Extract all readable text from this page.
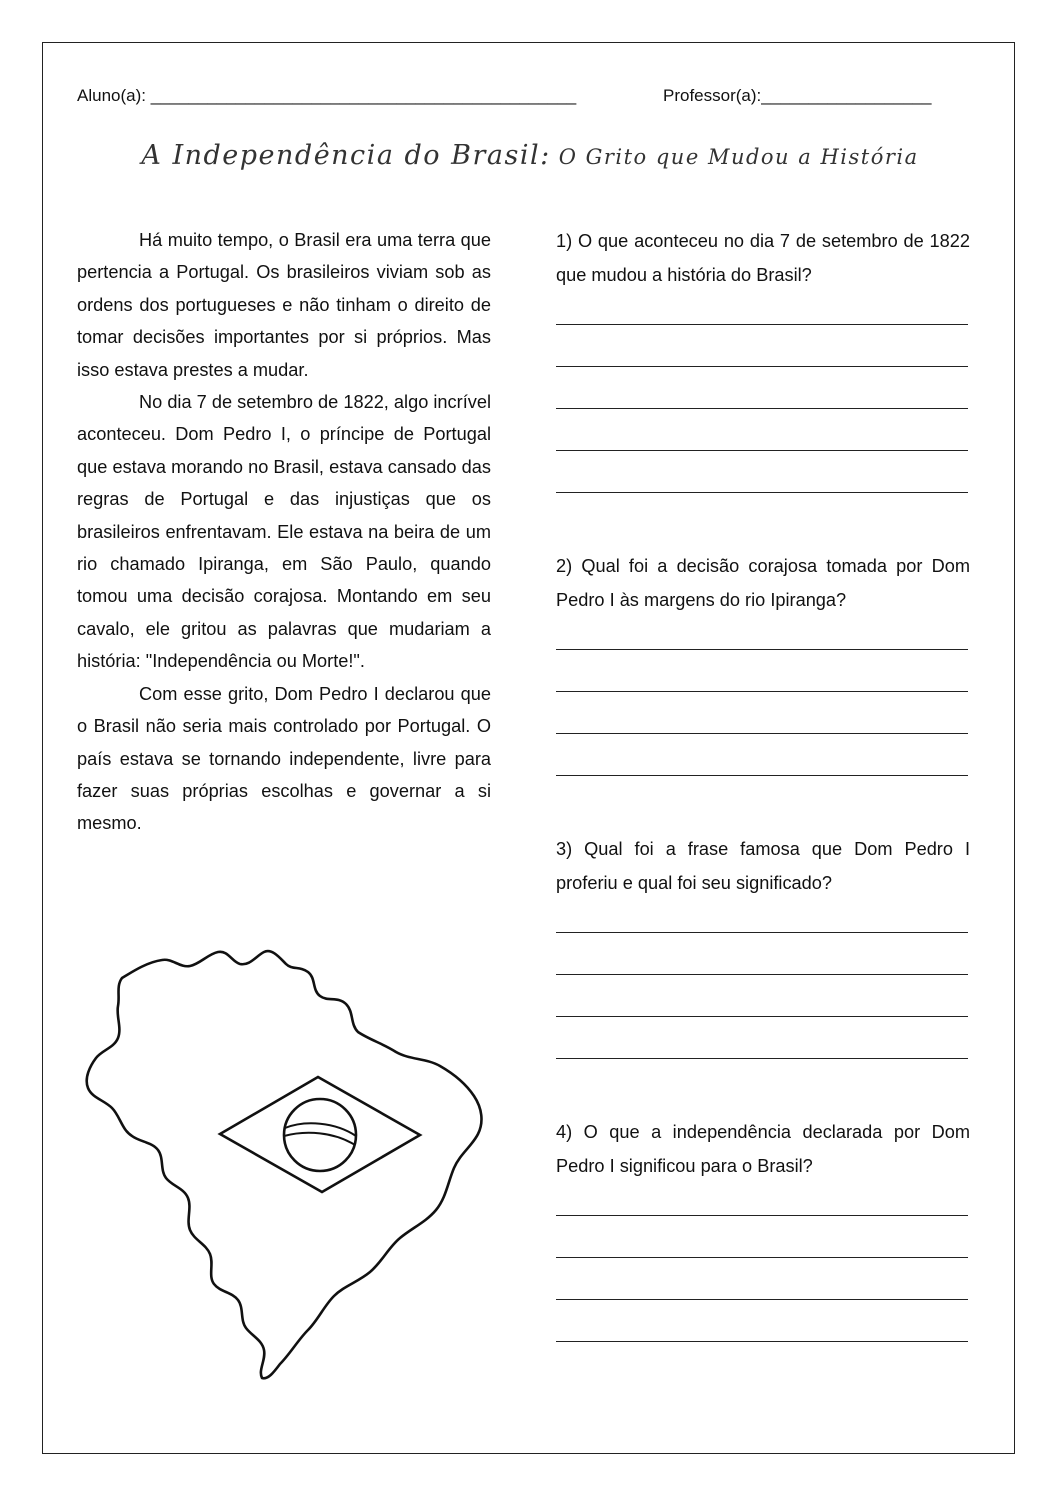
Aluno(a): _____________________________________________	Professor(a):__________________
A Independência do Brasil: O Grito que Mudou a História

Há muito tempo, o Brasil era uma terra que pertencia a Portugal. Os brasileiros viviam sob as ordens dos portugueses e não tinham o direito de tomar decisões importantes por si próprios. Mas isso estava prestes a mudar.

No dia 7 de setembro de 1822, algo incrível aconteceu. Dom Pedro I, o príncipe de Portugal que estava morando no Brasil, estava cansado das regras de Portugal e das injustiças que os brasileiros enfrentavam. Ele estava na beira de um rio chamado Ipiranga, em São Paulo, quando tomou uma decisão corajosa. Montando em seu cavalo, ele gritou as palavras que mudariam a história: "Independência ou Morte!".

Com esse grito, Dom Pedro I declarou que o Brasil não seria mais controlado por Portugal. O país estava se tornando independente, livre para fazer suas próprias escolhas e governar a si mesmo.

1) O que aconteceu no dia 7 de setembro de 1822 que mudou a história do Brasil?

2) Qual foi a decisão corajosa tomada por Dom Pedro I às margens do rio Ipiranga?

3) Qual foi a frase famosa que Dom Pedro I proferiu e qual foi seu significado?

4) O que a independência declarada por Dom Pedro I significou para o Brasil?
